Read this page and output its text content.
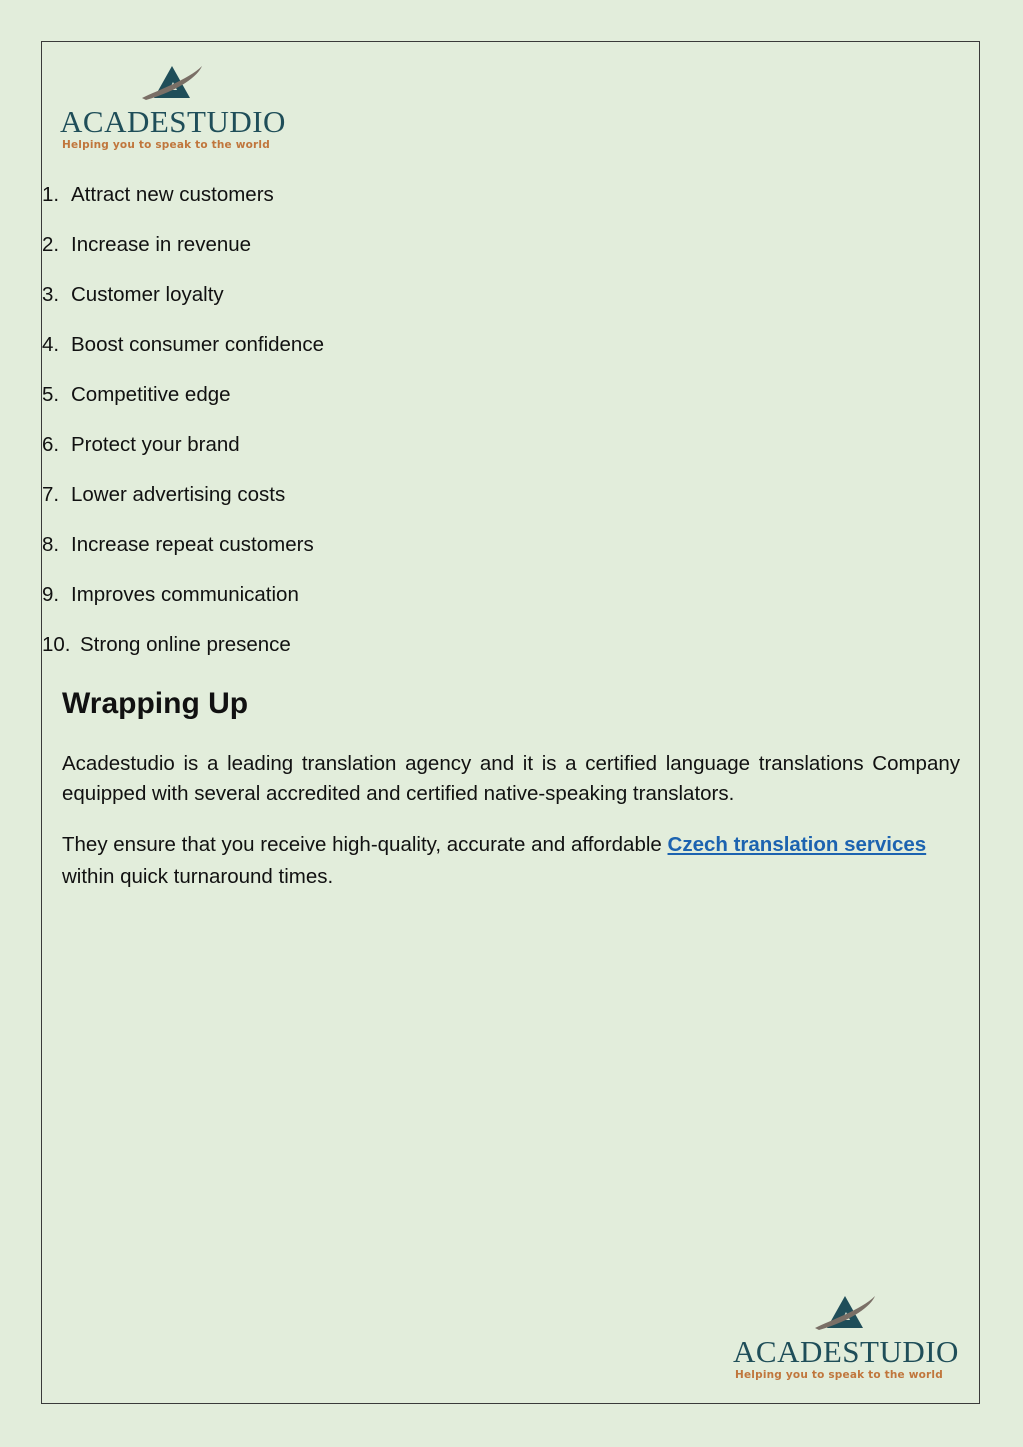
ACADESTUDIO
Helping you to speak to the world
1. Attract new customers
2. Increase in revenue
3. Customer loyalty
4. Boost consumer confidence
5. Competitive edge
6. Protect your brand
7. Lower advertising costs
8. Increase repeat customers
9. Improves communication
10. Strong online presence
Wrapping Up

Acadestudio is a leading translation agency and it is a certified language translations Company equipped with several accredited and certified native-speaking translators.

They ensure that you receive high-quality, accurate and affordable Czech translation services within quick turnaround times.

ACADESTUDIO
Helping you to speak to the world
